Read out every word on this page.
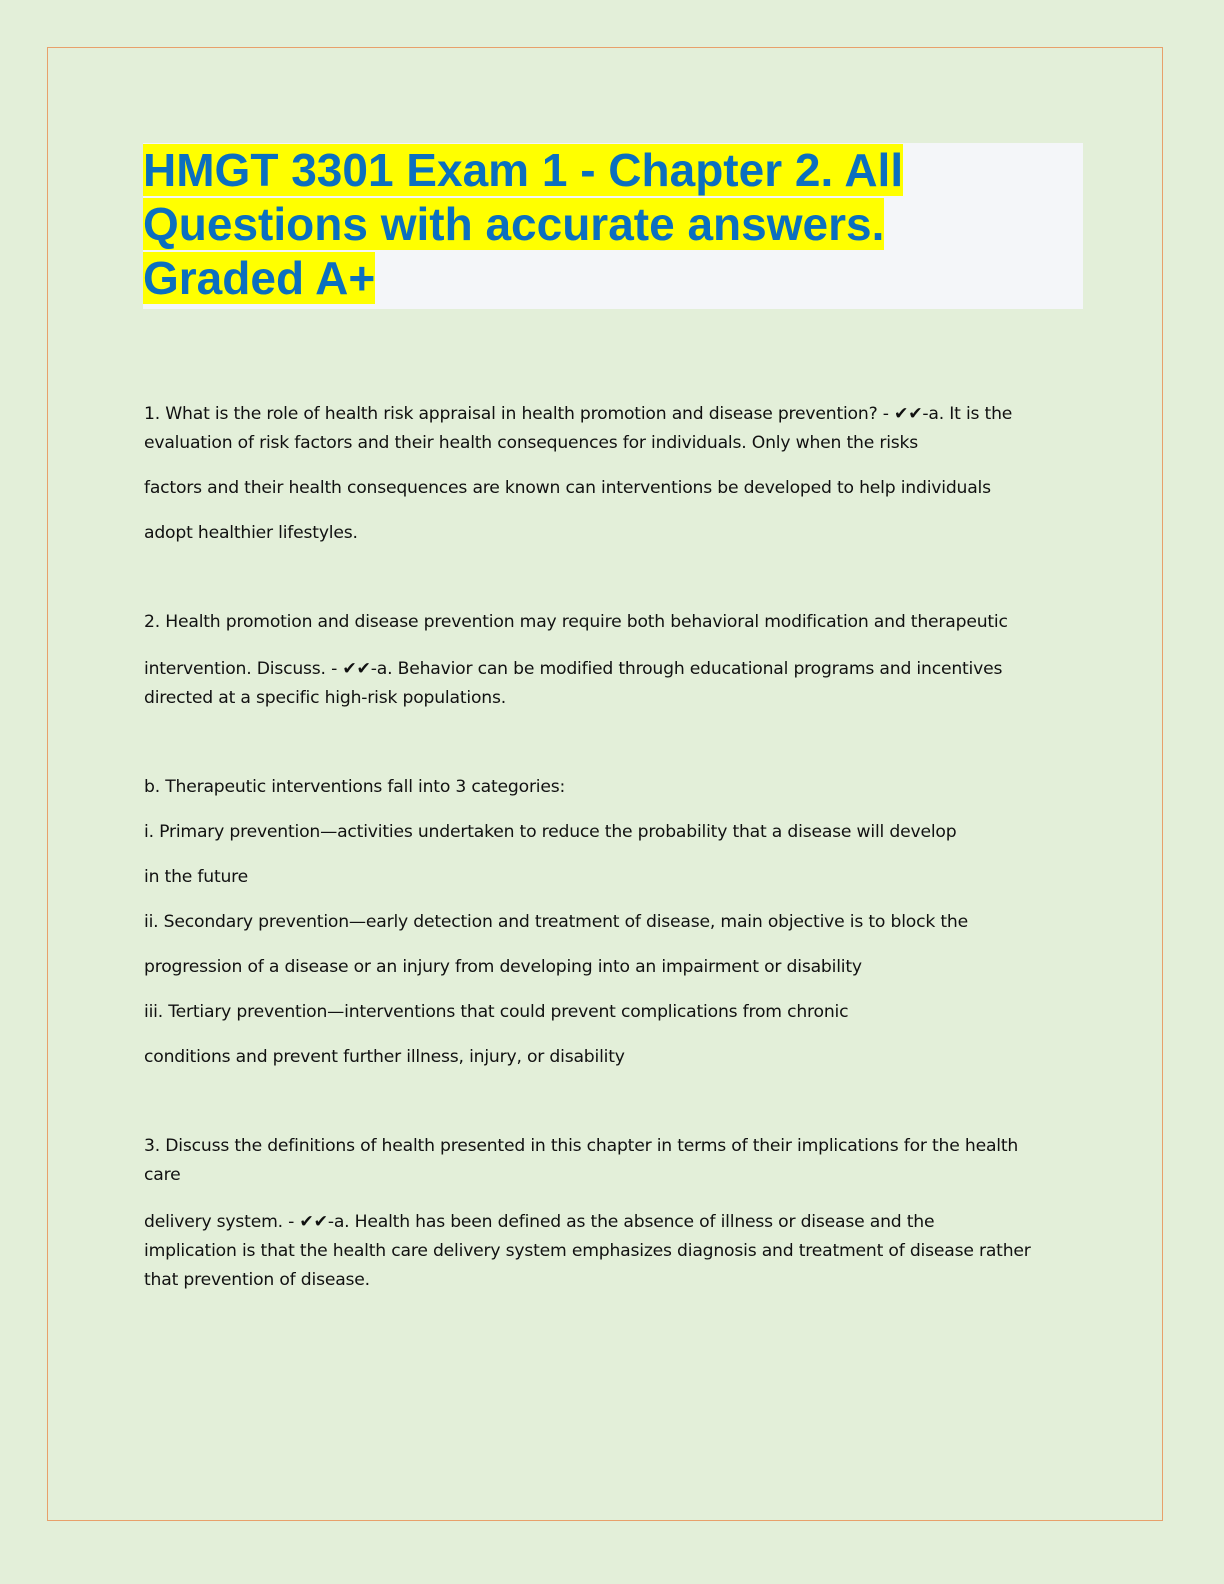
HMGT 3301 Exam 1 - Chapter 2. All
Questions with accurate answers.
Graded A+

1. What is the role of health risk appraisal in health promotion and disease prevention? - ✔✔-a. It is the

evaluation of risk factors and their health consequences for individuals. Only when the risks

factors and their health consequences are known can interventions be developed to help individuals

adopt healthier lifestyles.

2. Health promotion and disease prevention may require both behavioral modification and therapeutic

intervention. Discuss. - ✔✔-a. Behavior can be modified through educational programs and incentives

directed at a specific high-risk populations.

b. Therapeutic interventions fall into 3 categories:

i. Primary prevention—activities undertaken to reduce the probability that a disease will develop

in the future

ii. Secondary prevention—early detection and treatment of disease, main objective is to block the

progression of a disease or an injury from developing into an impairment or disability

iii. Tertiary prevention—interventions that could prevent complications from chronic

conditions and prevent further illness, injury, or disability

3. Discuss the definitions of health presented in this chapter in terms of their implications for the health

care

delivery system. - ✔✔-a. Health has been defined as the absence of illness or disease and the

implication is that the health care delivery system emphasizes diagnosis and treatment of disease rather

that prevention of disease.
